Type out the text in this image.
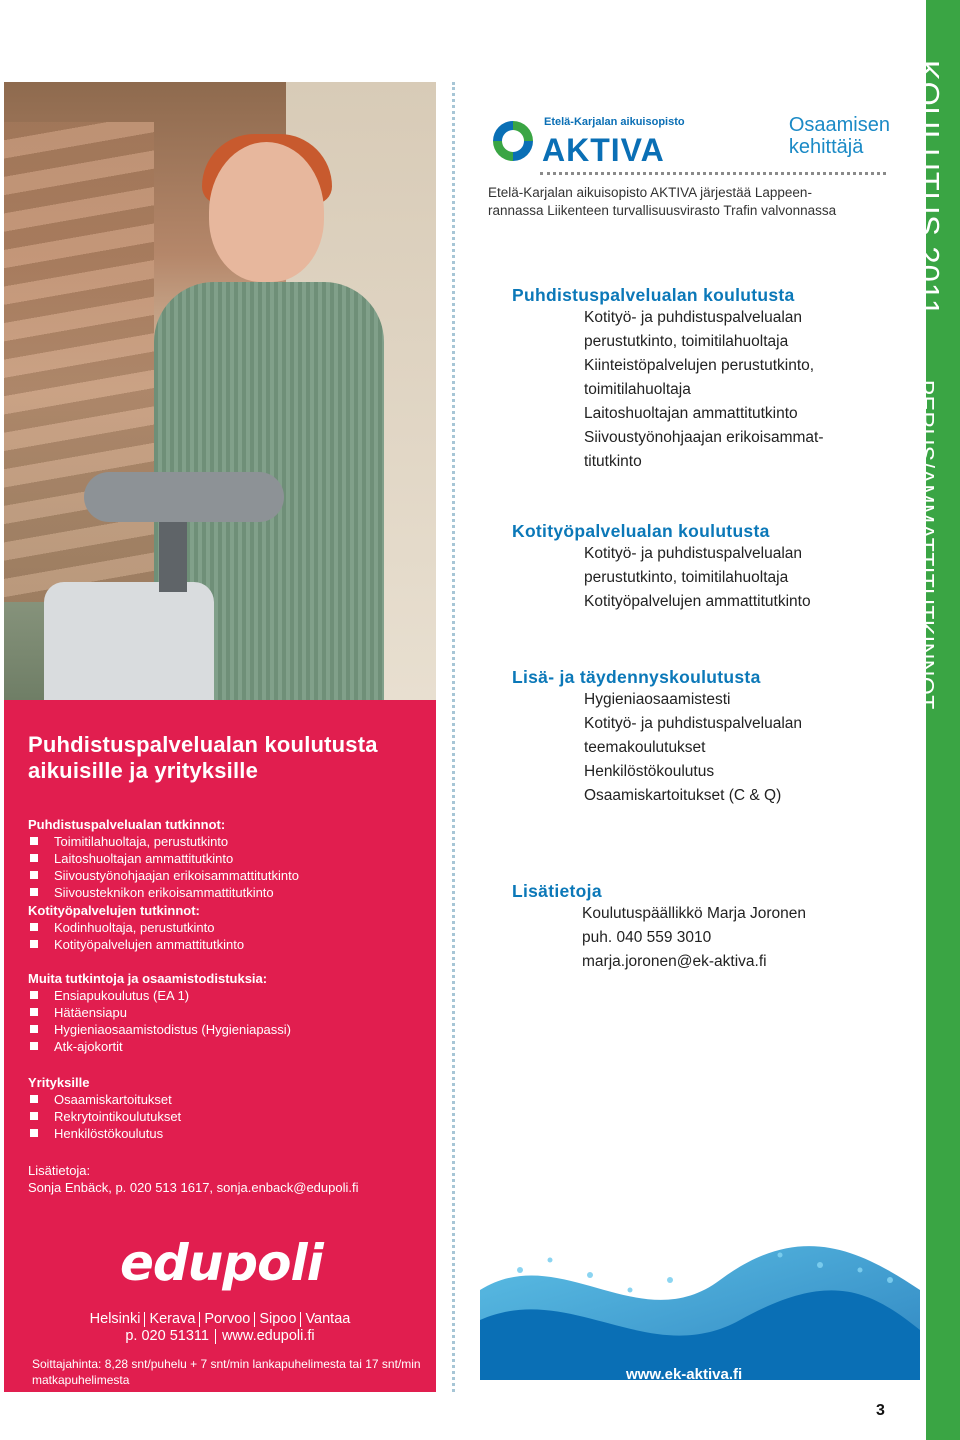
Puhdistuspalvelualan koulutusta
aikuisille ja yrityksille
Puhdistuspalvelualan tutkinnot:
Toimitilahuoltaja, perustutkinto
Laitoshuoltajan ammattitutkinto
Siivoustyönohjaajan erikoisammattitutkinto
Siivousteknikon erikoisammattitutkinto
Kotityöpalvelujen tutkinnot:
Kodinhuoltaja, perustutkinto
Kotityöpalvelujen ammattitutkinto
Muita tutkintoja ja osaamistodistuksia:
Ensiapukoulutus (EA 1)
Hätäensiapu
Hygieniaosaamistodistus (Hygieniapassi)
Atk-ajokortit
Yrityksille
Osaamiskartoitukset
Rekrytointikoulutukset
Henkilöstökoulutus
Lisätietoja:
Sonja Enbäck, p. 020 513 1617, sonja.enback@edupoli.fi
edupoli
Helsinki Kerava Porvoo Sipoo Vantaa
p. 020 51311 www.edupoli.fi
Soittajahinta: 8,28 snt/puhelu + 7 snt/min lankapuhelimesta tai 17 snt/min matkapuhelimesta
Etelä-Karjalan aikuisopisto
AKTIVA
Osaamisen
kehittäjä
Etelä-Karjalan aikuisopisto AKTIVA järjestää Lappeen-
rannassa Liikenteen turvallisuusvirasto Trafin valvonnassa
Puhdistuspalvelualan koulutusta
Kotityö- ja puhdistuspalvelualan
perustutkinto, toimitilahuoltaja
Kiinteistöpalvelujen perustutkinto,
toimitilahuoltaja
Laitoshuoltajan ammattitutkinto
Siivoustyönohjaajan erikoisammat-
titutkinto
Kotityöpalvelualan koulutusta
Kotityö- ja puhdistuspalvelualan
perustutkinto, toimitilahuoltaja
Kotityöpalvelujen ammattitutkinto
Lisä- ja täydennyskoulutusta
Hygieniaosaamistesti
Kotityö- ja puhdistuspalvelualan
teemakoulutukset
Henkilöstökoulutus
Osaamiskartoitukset (C & Q)
Lisätietoja
Koulutuspäällikkö Marja Joronen
puh. 040 559 3010
marja.joronen@ek-aktiva.fi
www.ek-aktiva.fi
3
KOULUTUS 2011 — PERUS/AMMATTITUTKINNOT
